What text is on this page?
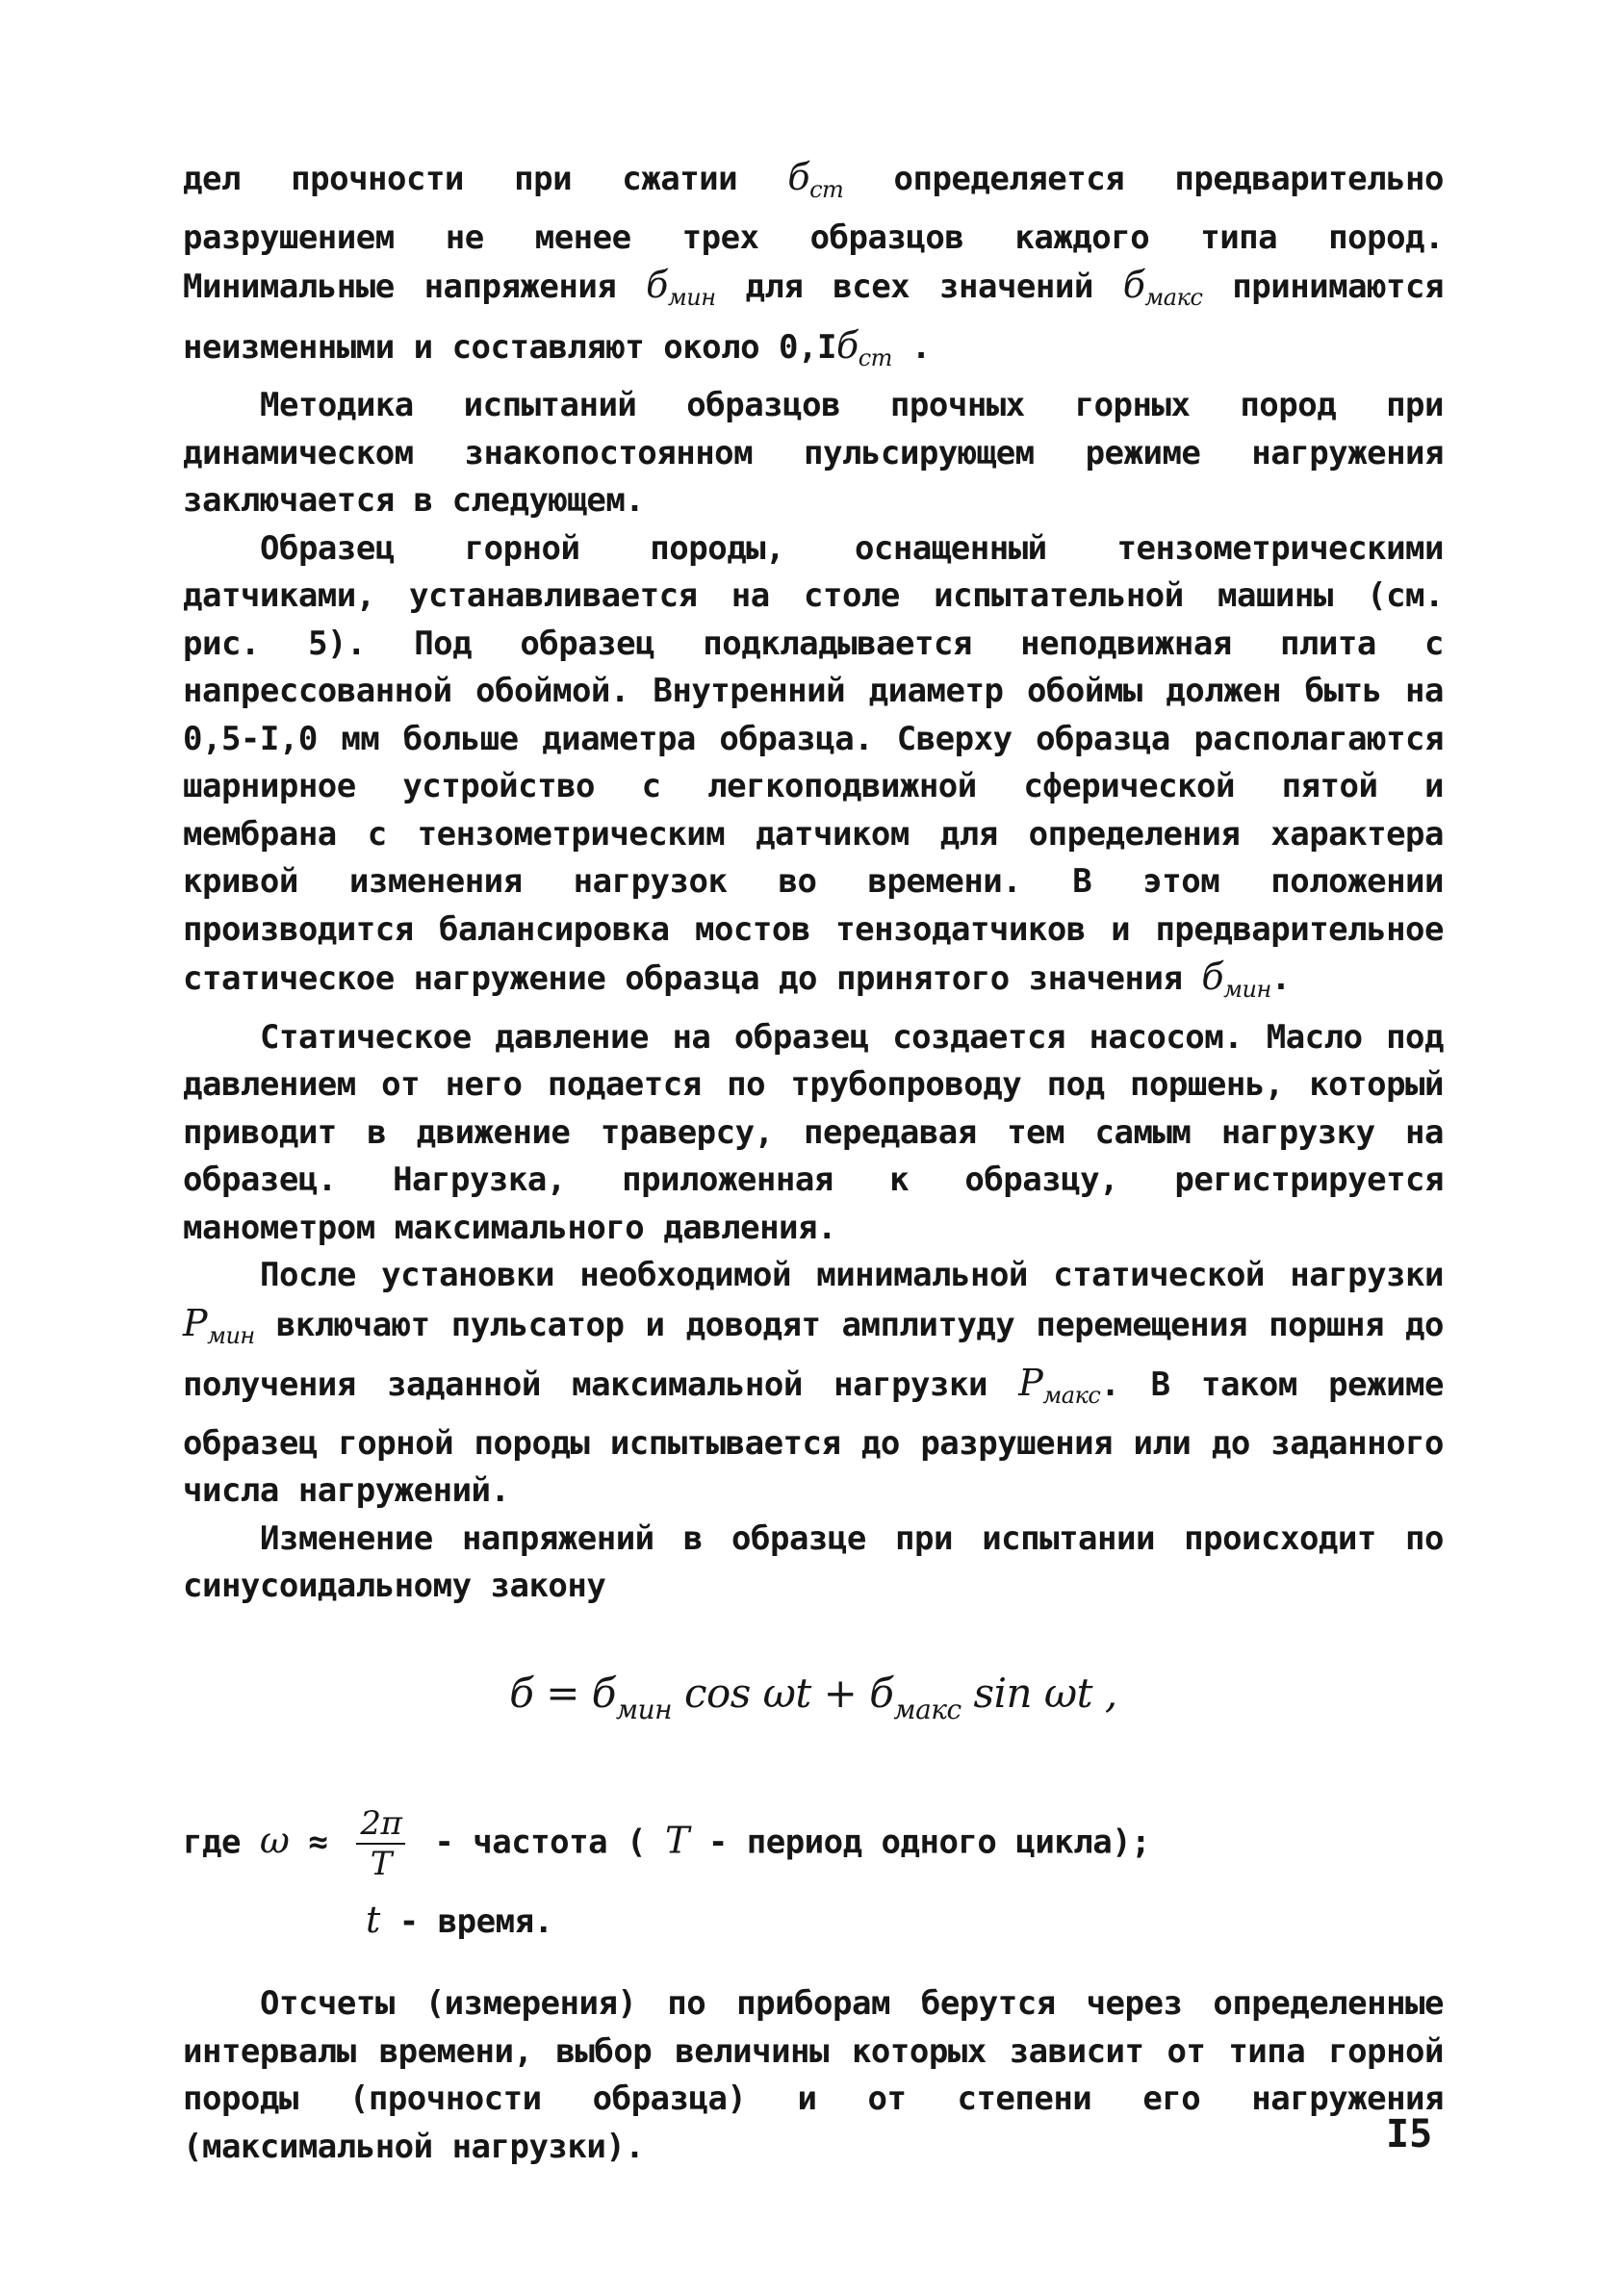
дел прочности при сжатии $б_{ст}$ определяется предварительно разрушением не менее трех образцов каждого типа пород. Минимальные напряжения $б_{мин}$ для всех значений $б_{макс}$ принимаются неизменными и составляют около $0,Iб_{ст}$ .

Методика испытаний образцов прочных горных пород при динамическом знакопостоянном пульсирующем режиме нагружения заключается в следующем.

Образец горной породы, оснащенный тензометрическими датчиками, устанавливается на столе испытательной машины (см. рис. 5). Под образец подкладывается неподвижная плита с напрессованной обоймой. Внутренний диаметр обоймы должен быть на 0,5-I,0 мм больше диаметра образца. Сверху образца располагаются шарнирное устройство с легкоподвижной сферической пятой и мембрана с тензометрическим датчиком для определения характера кривой изменения нагрузок во времени. В этом положении производится балансировка мостов тензодатчиков и предварительное статическое нагружение образца до принятого значения $б_{мин}$.

Статическое давление на образец создается насосом. Масло под давлением от него подается по трубопроводу под поршень, который приводит в движение траверсу, передавая тем самым нагрузку на образец. Нагрузка, приложенная к образцу, регистрируется манометром максимального давления.

После установки необходимой минимальной статической нагрузки $P_{мин}$ включают пульсатор и доводят амплитуду перемещения поршня до получения заданной максимальной нагрузки $P_{макс}$. В таком режиме образец горной породы испытывается до разрушения или до заданного числа нагружений.

Изменение напряжений в образце при испытании происходит по синусоидальному закону

$б = б_{мин}$ $\cos \omega t + б_{макс}$ sin ωt ,
где $\omega \approx \frac{2\pi}{T}$ - частота ( T - период одного цикла);
t - время.

Отсчеты (измерения) по приборам берутся через определенные интервалы времени, выбор величины которых зависит от типа горной породы (прочности образца) и от степени его нагружения (максимальной нагрузки).	I5
